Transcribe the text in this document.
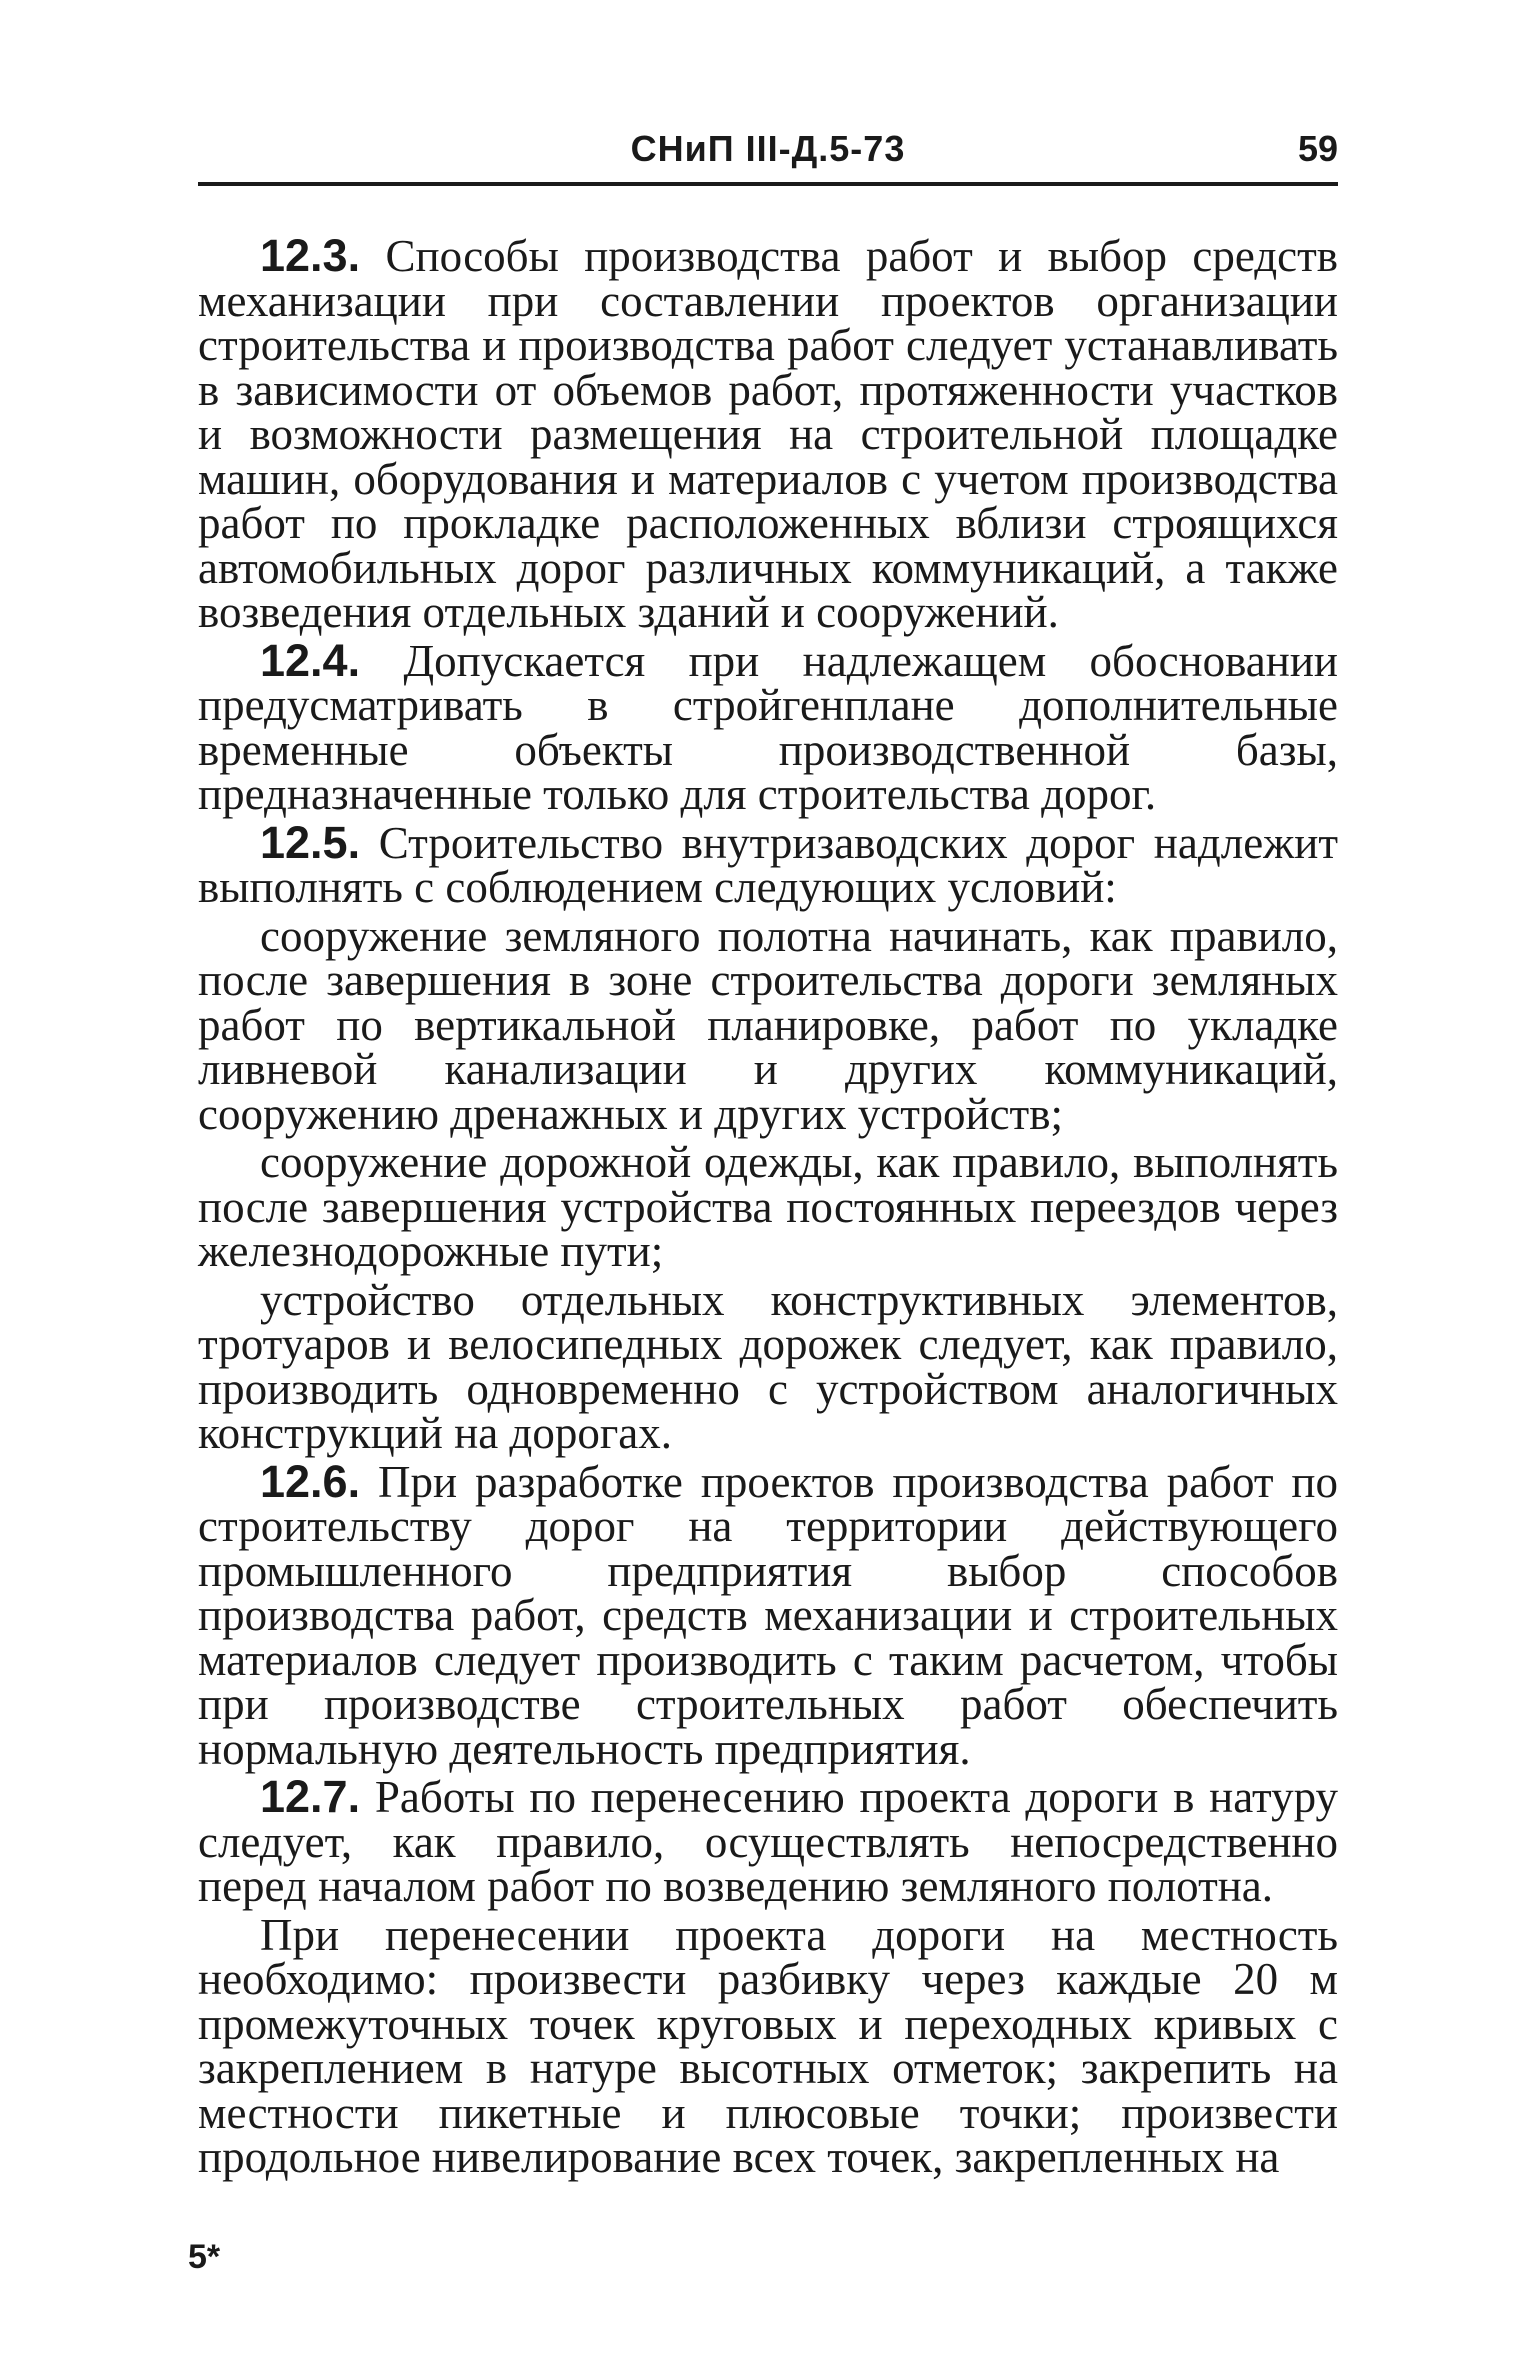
СНиП III-Д.5-73	59

12.3. Способы производства работ и выбор средств механизации при составлении проектов организации строительства и производства работ следует устанавливать в зависимости от объемов работ, протяженности участков и возможности размещения на строительной площадке машин, оборудования и материалов с учетом производства работ по прокладке расположенных вблизи строящихся автомобильных дорог различных коммуникаций, а также возведения отдельных зданий и сооружений.

12.4. Допускается при надлежащем обосновании предусматривать в стройгенплане дополнительные временные объекты производственной базы, предназначенные только для строительства дорог.

12.5. Строительство внутризаводских дорог надлежит выполнять с соблюдением следующих условий:

сооружение земляного полотна начинать, как правило, после завершения в зоне строительства дороги земляных работ по вертикальной планировке, работ по укладке ливневой канализации и других коммуникаций, сооружению дренажных и других устройств;

сооружение дорожной одежды, как правило, выполнять после завершения устройства постоянных переездов через железнодорожные пути;

устройство отдельных конструктивных элементов, тротуаров и велосипедных дорожек следует, как правило, производить одновременно с устройством аналогичных конструкций на дорогах.

12.6. При разработке проектов производства работ по строительству дорог на территории действующего промышленного предприятия выбор способов производства работ, средств механизации и строительных материалов следует производить с таким расчетом, чтобы при производстве строительных работ обеспечить нормальную деятельность предприятия.

12.7. Работы по перенесению проекта дороги в натуру следует, как правило, осуществлять непосредственно перед началом работ по возведению земляного полотна.

При перенесении проекта дороги на местность необходимо: произвести разбивку через каждые 20 м промежуточных точек круговых и переходных кривых с закреплением в натуре высотных отметок; закрепить на местности пикетные и плюсовые точки; произвести продольное нивелирование всех точек, закрепленных на

5*
